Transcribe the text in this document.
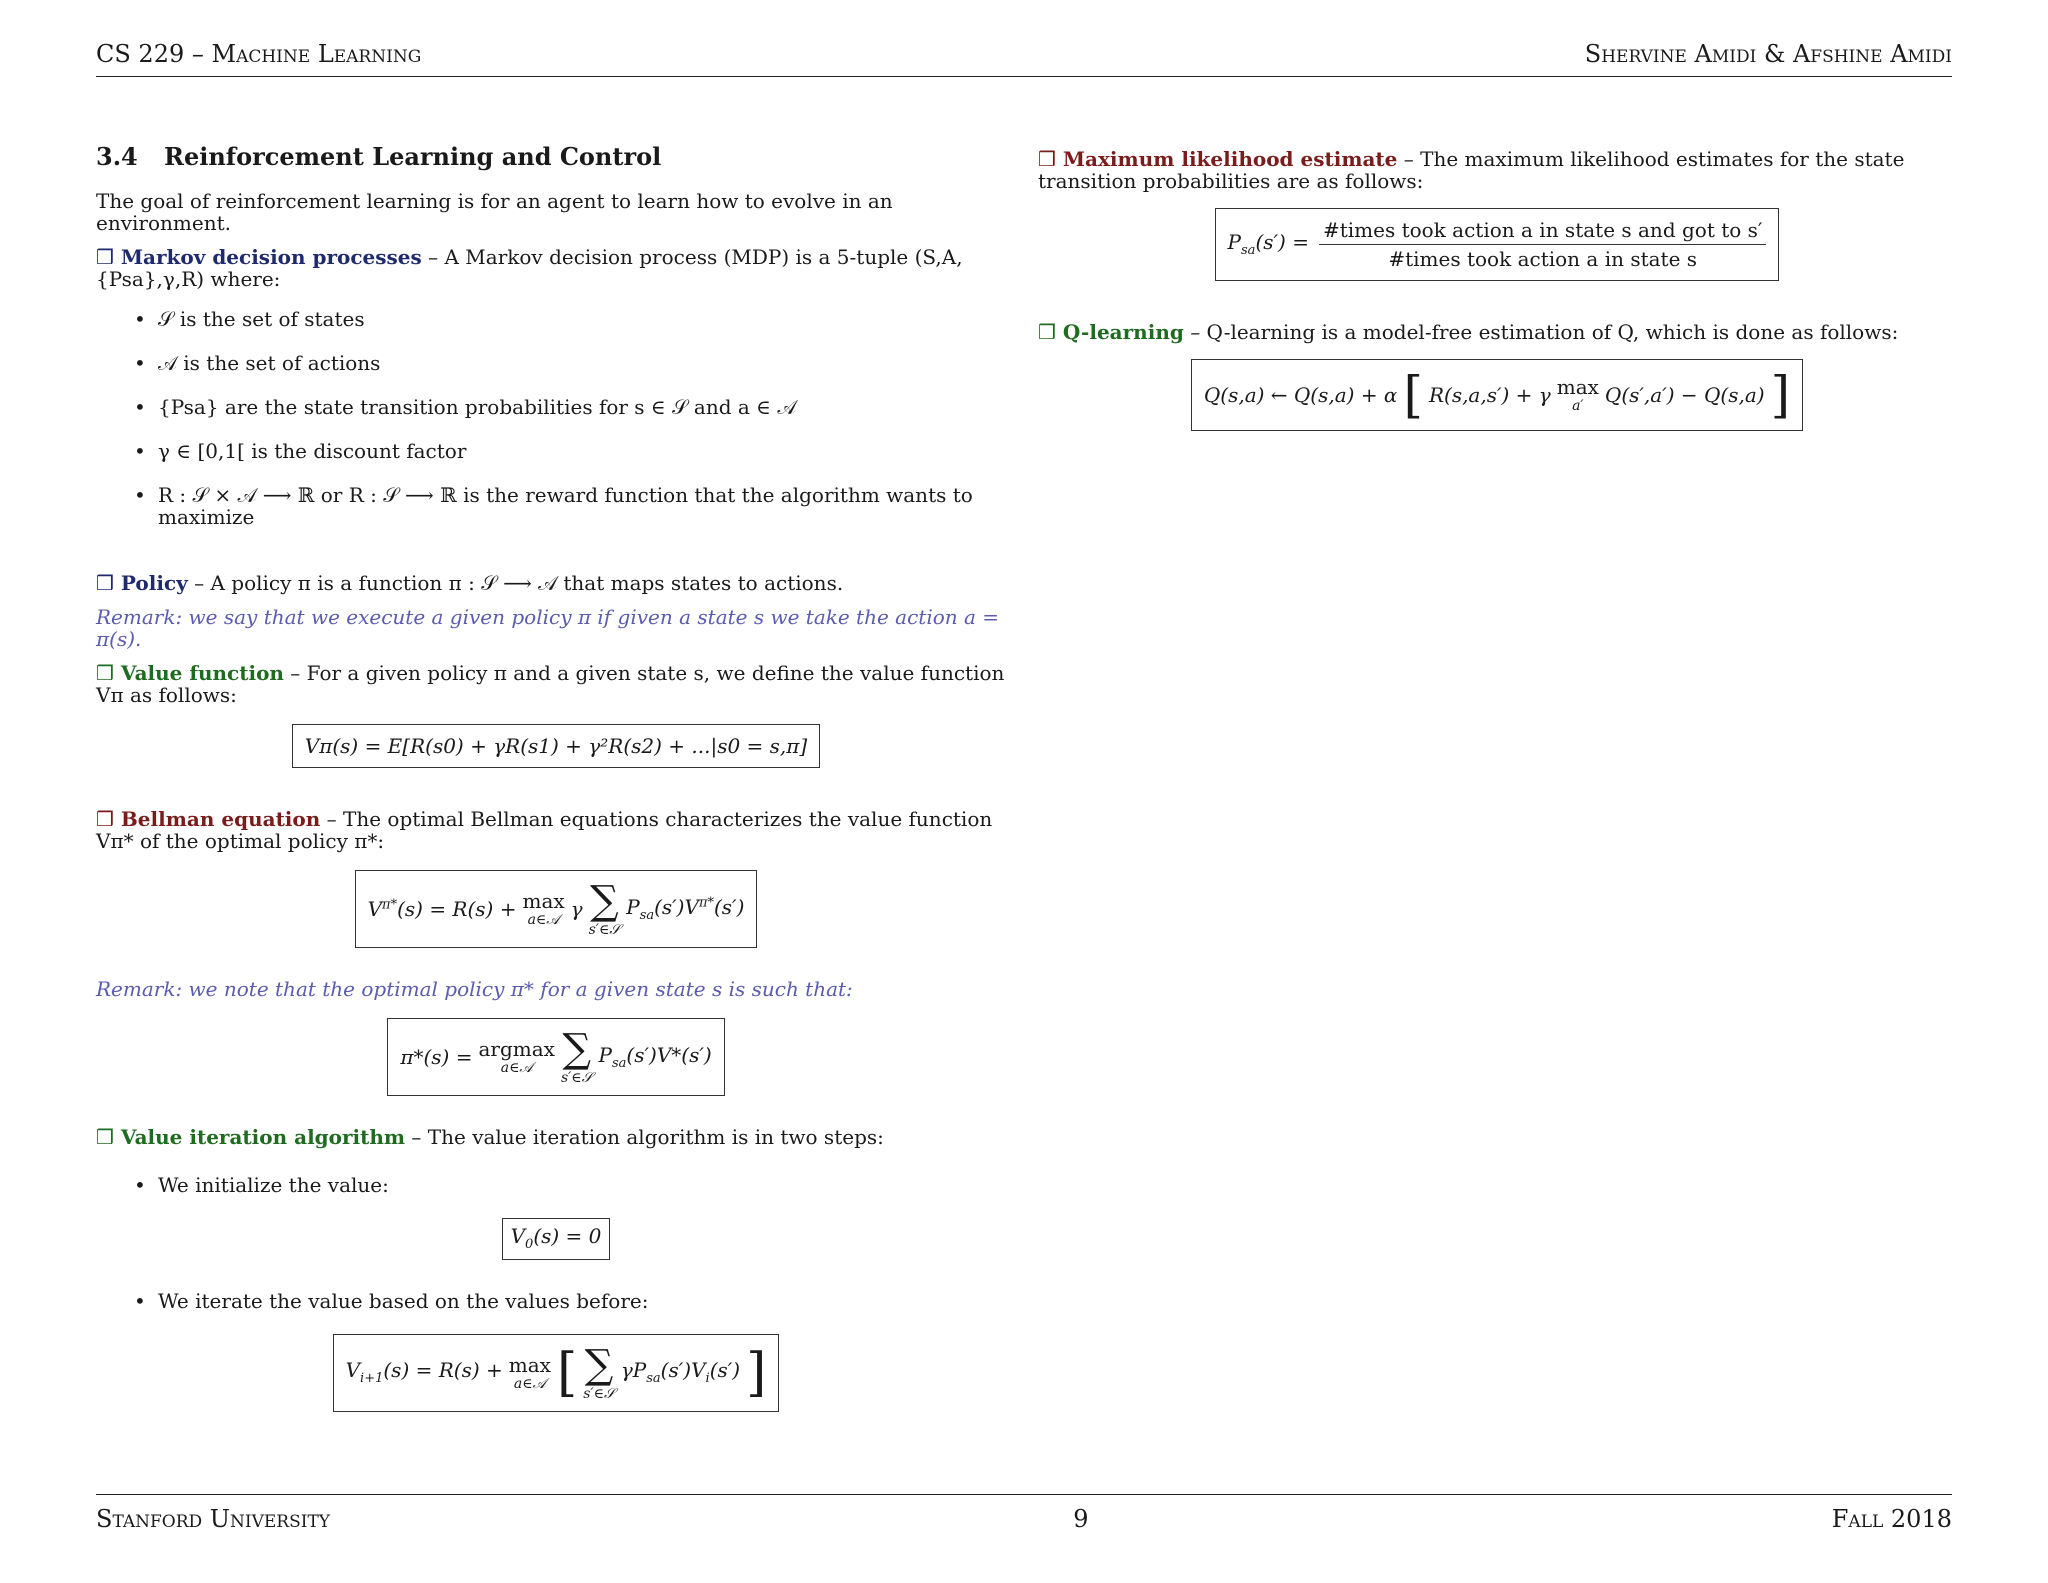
CS 229 – Machine Learning	Shervine Amidi & Afshine Amidi
3.4 Reinforcement Learning and Control

The goal of reinforcement learning is for an agent to learn how to evolve in an environment.

❒ Markov decision processes – A Markov decision process (MDP) is a 5-tuple (S,A,{Psa},γ,R) where:
• 𝒮 is the set of states
• 𝒜 is the set of actions
• {Psa} are the state transition probabilities for s ∈ 𝒮 and a ∈ 𝒜
• γ ∈ [0,1[ is the discount factor
• R : 𝒮 × 𝒜 ⟶ ℝ or R : 𝒮 ⟶ ℝ is the reward function that the algorithm wants to maximize
❒ Policy – A policy π is a function π : 𝒮 ⟶ 𝒜 that maps states to actions.
Remark: we say that we execute a given policy π if given a state s we take the action a = π(s).
❒ Value function – For a given policy π and a given state s, we define the value function Vπ as follows:
Vπ(s) = E[R(s0) + γR(s1) + γ²R(s2) + ...|s0 = s,π]
❒ Bellman equation – The optimal Bellman equations characterizes the value function Vπ* of the optimal policy π*:
$V^{\pi*}(s) = R(s) + \max$
a∈𝒜 γ ∑
s′∈𝒮
$P_{sa}(s')V^{\pi*}(s')$
Remark: we note that the optimal policy π* for a given state s is such that:
π*(s) = argmax
a∈𝒜 ∑
s′∈𝒮
$P_{sa}(s')V*(s')$
❒ Value iteration algorithm – The value iteration algorithm is in two steps:
• We initialize the value:
$V_0(s) = 0$
• We iterate the value based on the values before:
$V_{i+1}(s) = R(s) + \max$
a∈𝒜 [ ∑
s′∈𝒮
$\gamma P_{sa}(s')V_i(s')$ ]
❒ Maximum likelihood estimate – The maximum likelihood estimates for the state transition probabilities are as follows:
$P_{sa}(s') = \frac{\text{\#times took action a in state s and got to s′}}{\text{\#times took action a in state s}}$
❒ Q-learning – Q-learning is a model-free estimation of Q, which is done as follows:
Q(s,a) ← Q(s,a) + α [ R(s,a,s′) + γ max
a′ Q(s′,a′) − Q(s,a) ]
Stanford University	9	Fall 2018
